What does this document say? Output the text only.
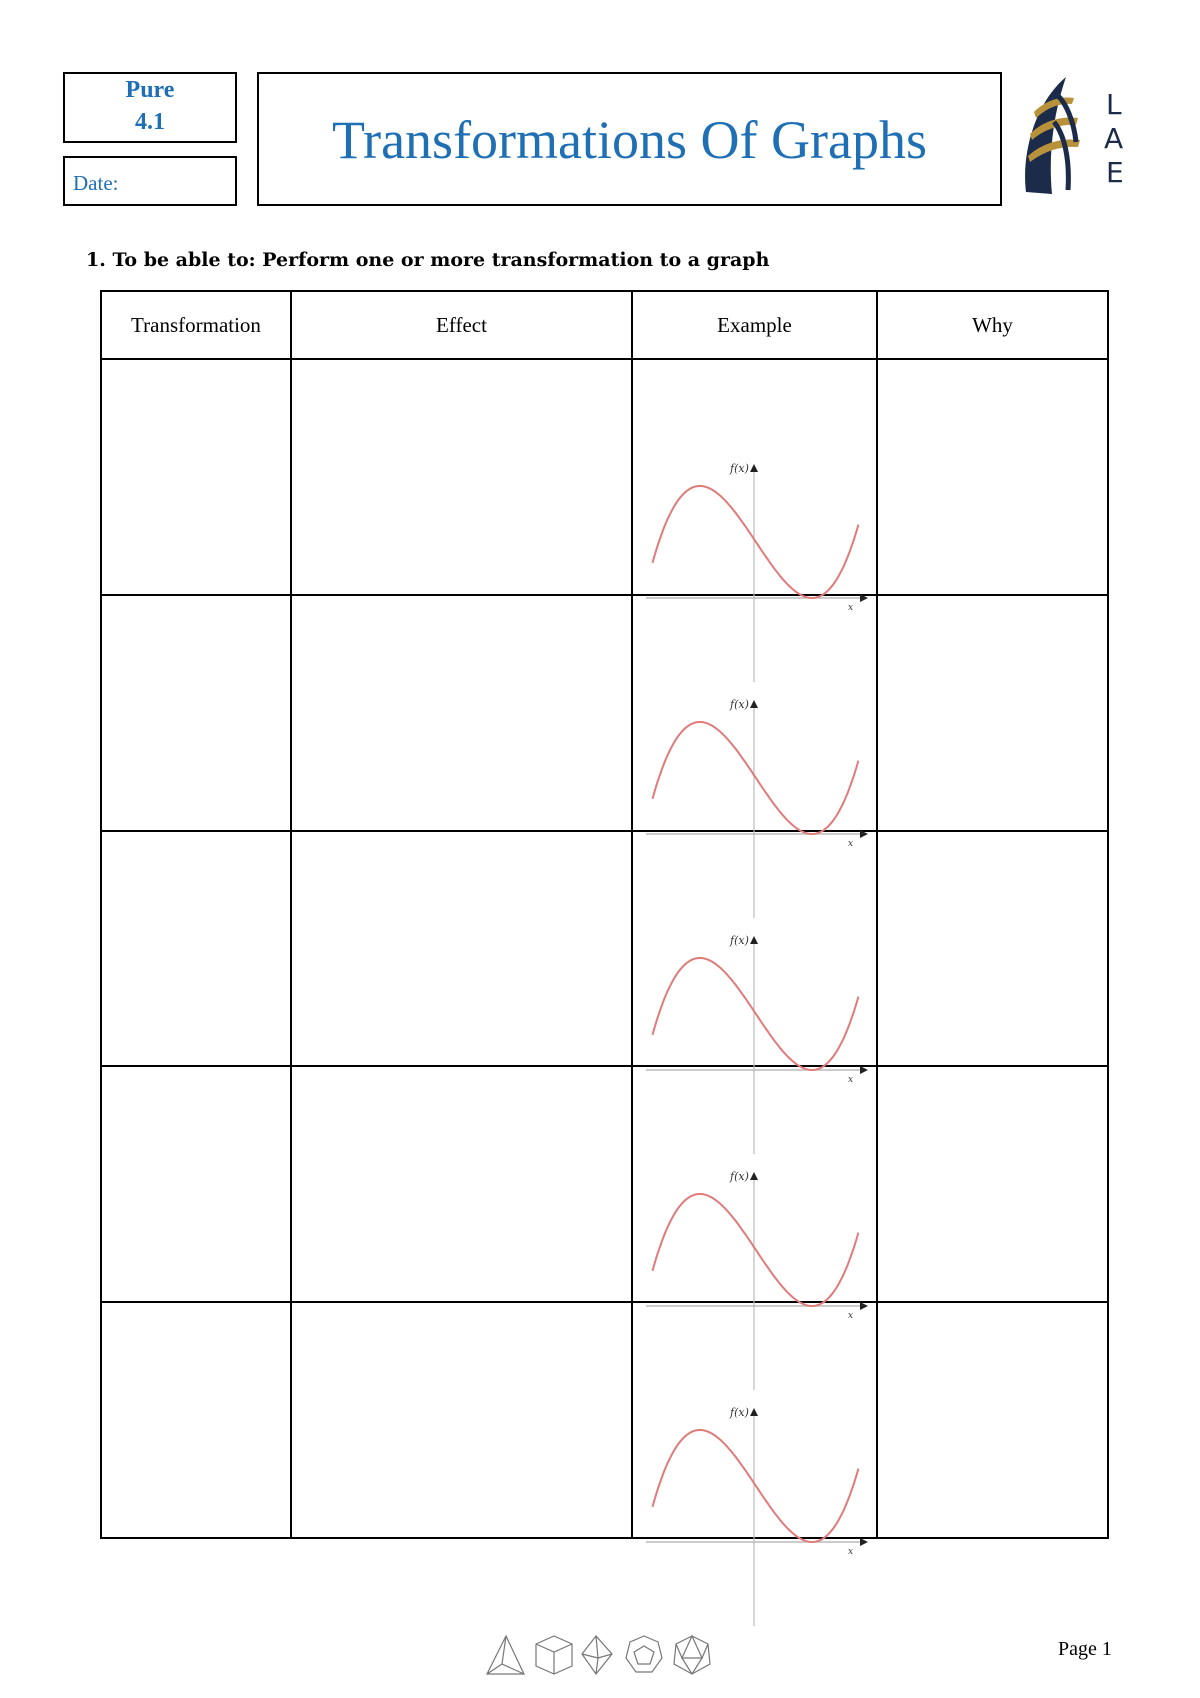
Pure
4.1
Date:
Transformations Of Graphs
L
A
E
1. To be able to: Perform one or more transformation to a graph
Transformation	Effect	Example	Why

f(x)
x
f(x)
x
f(x)
x
f(x)
x
f(x)
x
Page 1
